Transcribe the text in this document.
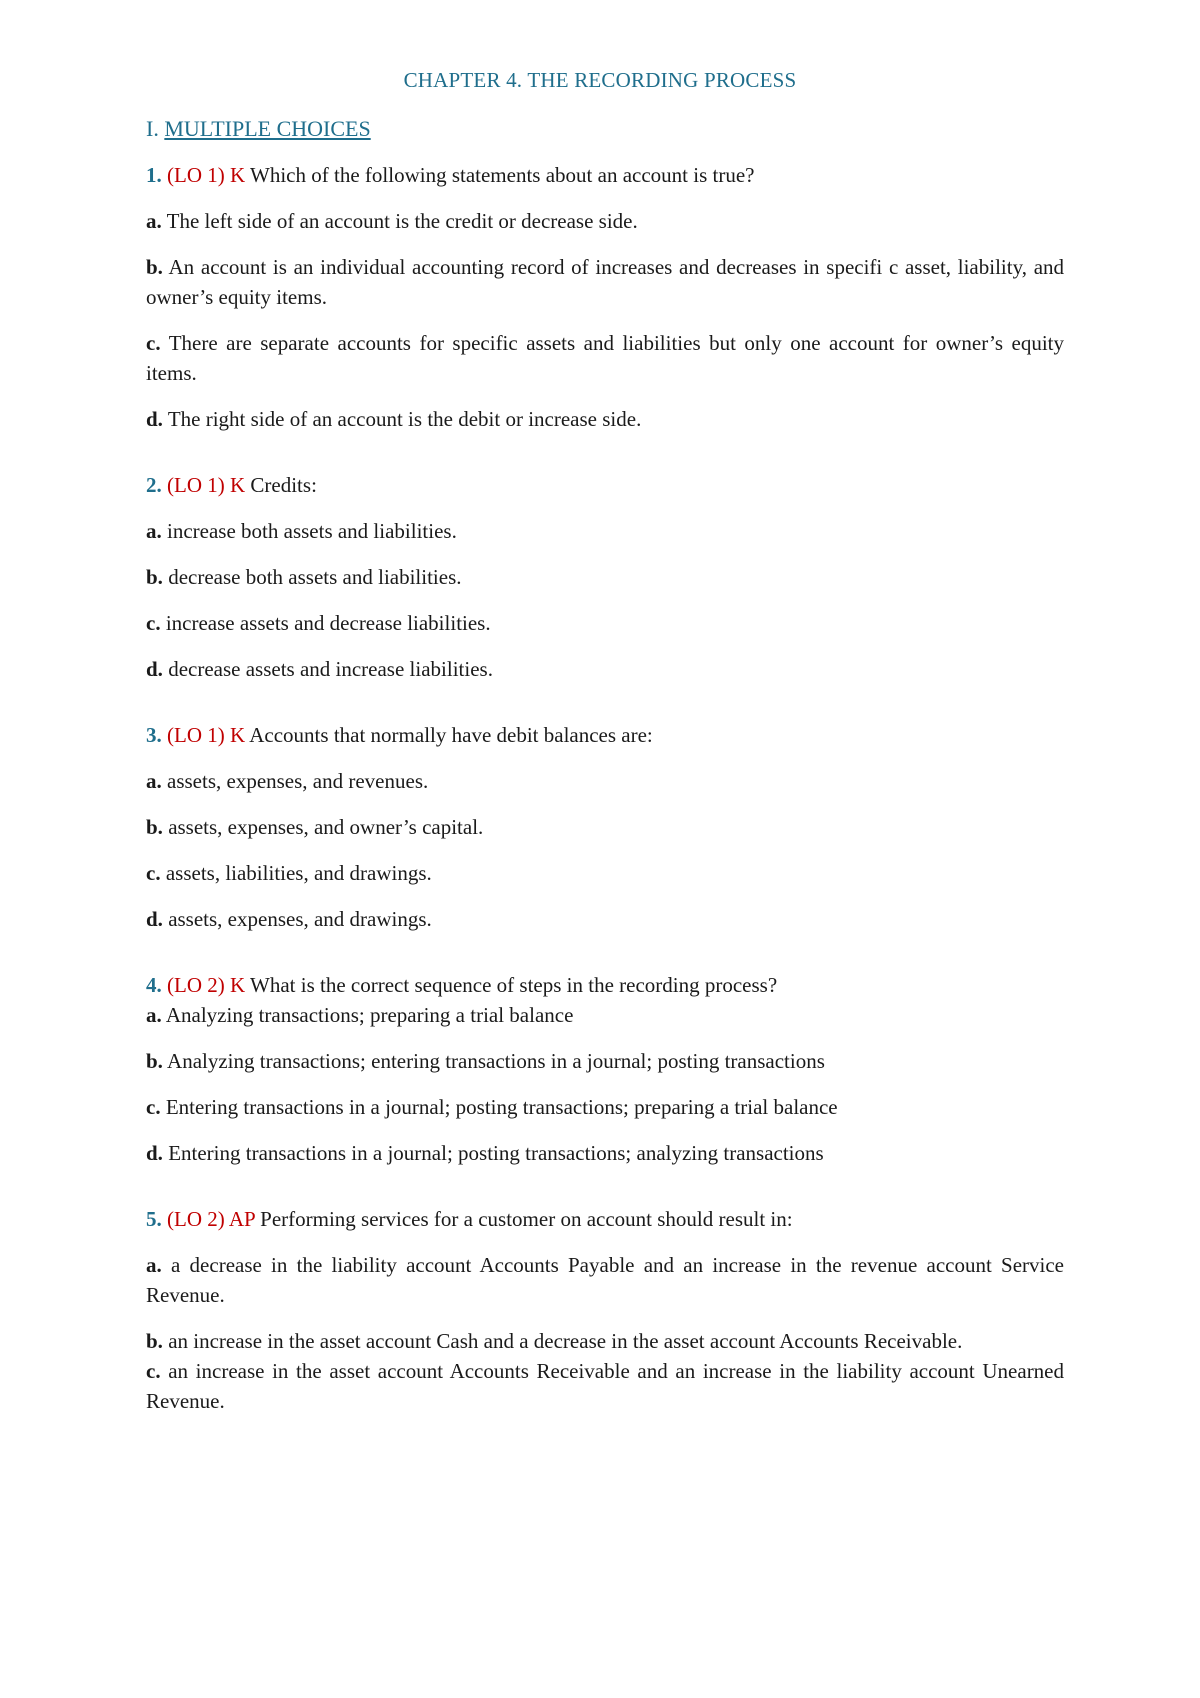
CHAPTER 4. THE RECORDING PROCESS
I. MULTIPLE CHOICES
1. (LO 1) K Which of the following statements about an account is true?
a. The left side of an account is the credit or decrease side.
b. An account is an individual accounting record of increases and decreases in specifi c asset, liability, and owner’s equity items.
c. There are separate accounts for specific assets and liabilities but only one account for owner’s equity items.
d. The right side of an account is the debit or increase side.
2. (LO 1) K Credits:
a. increase both assets and liabilities.
b. decrease both assets and liabilities.
c. increase assets and decrease liabilities.
d. decrease assets and increase liabilities.
3. (LO 1) K Accounts that normally have debit balances are:
a. assets, expenses, and revenues.
b. assets, expenses, and owner’s capital.
c. assets, liabilities, and drawings.
d. assets, expenses, and drawings.
4. (LO 2) K What is the correct sequence of steps in the recording process?
a. Analyzing transactions; preparing a trial balance
b. Analyzing transactions; entering transactions in a journal; posting transactions
c. Entering transactions in a journal; posting transactions; preparing a trial balance
d. Entering transactions in a journal; posting transactions; analyzing transactions
5. (LO 2) AP Performing services for a customer on account should result in:
a. a decrease in the liability account Accounts Payable and an increase in the revenue account Service Revenue.
b. an increase in the asset account Cash and a decrease in the asset account Accounts Receivable.
c. an increase in the asset account Accounts Receivable and an increase in the liability account Unearned Revenue.
